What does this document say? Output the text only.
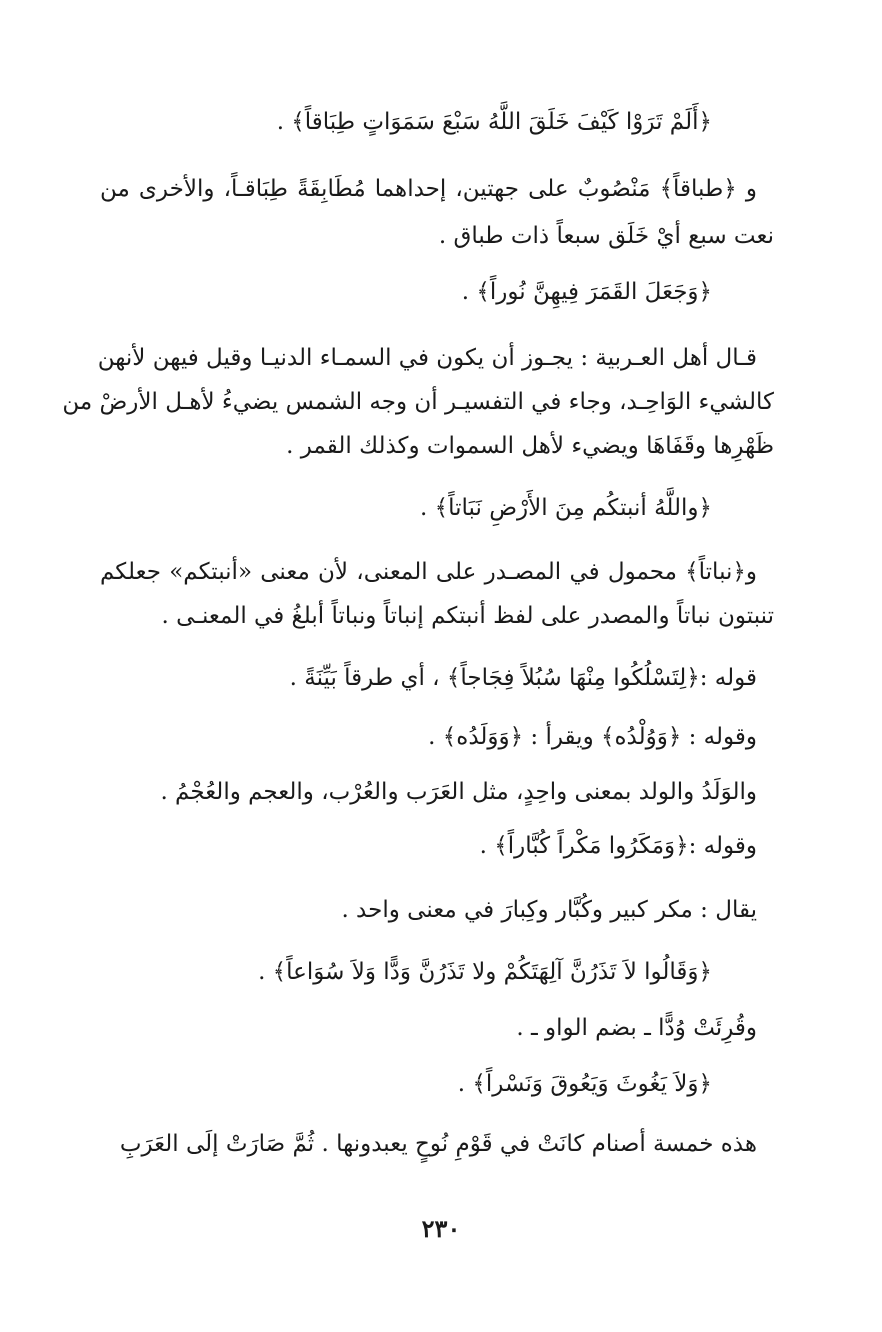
﴿أَلَمْ تَرَوْا كَيْفَ خَلَقَ اللَّهُ سَبْعَ سَمَوَاتٍ طِبَاقاً﴾ .
و ﴿طباقاً﴾ مَنْصُوبٌ على جهتين، إحداهما مُطَابِقَةً طِبَاقـاً، والأخرى من
نعت سبع أيْ خَلَق سبعاً ذات طباق .
﴿وَجَعَلَ القَمَرَ فِيهِنَّ نُوراً﴾ .
قـال أهل العـربية : يجـوز أن يكون في السمـاء الدنيـا وقيل فيهن لأنهن
كالشيء الوَاحِـد، وجاء في التفسيـر أن وجه الشمس يضيءُ لأهـل الأرضْ من
ظَهْرِها وقَفَاهَا ويضيء لأهل السموات وكذلك القمر .
﴿واللَّهُ أنبتكُم مِنَ الأَرْضِ نَبَاتاً﴾ .
و﴿نباتاً﴾ محمول في المصـدر على المعنى، لأن معنى «أنبتكم» جعلكم
تنبتون نباتاً والمصدر على لفظ أنبتكم إنباتاً ونباتاً أبلغُ في المعنـى .
قوله :﴿لِتَسْلُكُوا مِنْهَا سُبُلاً فِجَاجاً﴾ ، أي طرقاً بَيِّنَةً .
وقوله : ﴿وَوُلْدُه﴾ ويقرأ : ﴿وَوَلَدُه﴾ .
والوَلَدُ والولد بمعنى واحِدٍ، مثل العَرَب والعُرْب، والعجم والعُجْمُ .
وقوله :﴿وَمَكَرُوا مَكْراً كُبَّاراً﴾ .
يقال : مكر كبير وكُبَّار وكِبارَ في معنى واحد .
﴿وَقَالُوا لاَ تَذَرُنَّ آلِهَتَكُمْ ولا تَذَرُنَّ وَدًّا وَلاَ سُوَاعاً﴾ .
وقُرِئَتْ وُدًّا ـ بضم الواو ـ .
﴿وَلاَ يَغُوثَ وَيَعُوقَ وَنَسْراً﴾ .
هذه خمسة أصنام كانَتْ في قَوْمِ نُوحٍ يعبدونها . ثُمَّ صَارَتْ إلَى العَرَبِ
٢٣٠
